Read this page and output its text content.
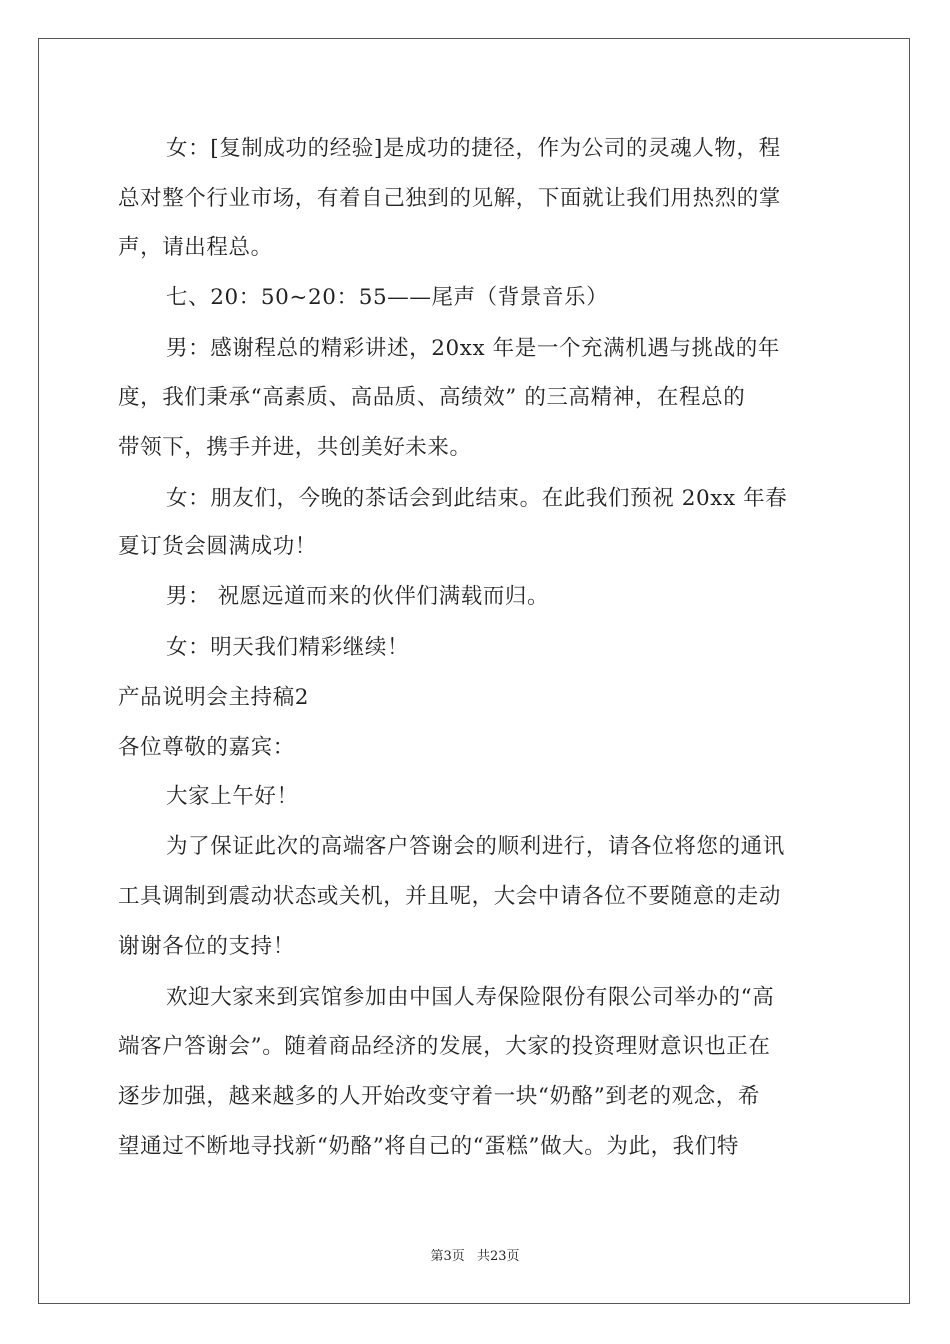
女：[复制成功的经验]是成功的捷径，作为公司的灵魂人物，程
总对整个行业市场，有着自己独到的见解，下面就让我们用热烈的掌
声，请出程总。
七、20：50~20：55——尾声（背景音乐）
男：感谢程总的精彩讲述，20xx 年是一个充满机遇与挑战的年
度，我们秉承“高素质、高品质、高绩效” 的三高精神，在程总的
带领下，携手并进，共创美好未来。
女：朋友们，今晚的茶话会到此结束。在此我们预祝 20xx 年春
夏订货会圆满成功！
男： 祝愿远道而来的伙伴们满载而归。
女：明天我们精彩继续！
产品说明会主持稿2
各位尊敬的嘉宾：
大家上午好！
为了保证此次的高端客户答谢会的顺利进行，请各位将您的通讯
工具调制到震动状态或关机，并且呢，大会中请各位不要随意的走动
谢谢各位的支持！
欢迎大家来到宾馆参加由中国人寿保险限份有限公司举办的“高
端客户答谢会”。随着商品经济的发展，大家的投资理财意识也正在
逐步加强，越来越多的人开始改变守着一块“奶酪”到老的观念，希
望通过不断地寻找新“奶酪”将自己的“蛋糕”做大。为此，我们特
第3页 共23页
